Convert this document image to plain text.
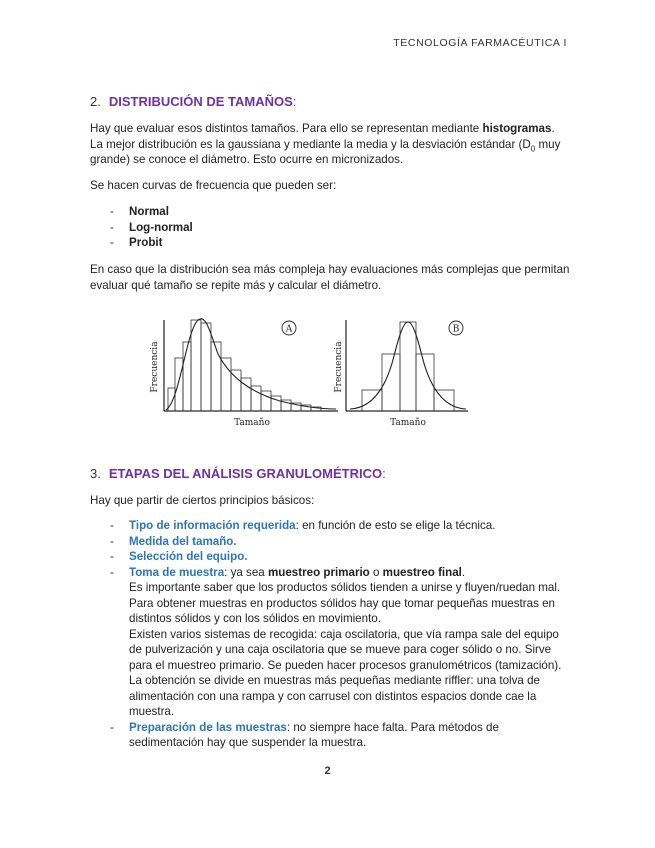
TECNOLOGÍA FARMACÉUTICA I
2. DISTRIBUCIÓN DE TAMAÑOS:
Hay que evaluar esos distintos tamaños. Para ello se representan mediante histogramas. La mejor distribución es la gaussiana y mediante la media y la desviación estándar ($D_0$ muy grande) se conoce el diámetro. Esto ocurre en micronizados.
Se hacen curvas de frecuencia que pueden ser:
- Normal
- Log-normal
- Probit
En caso que la distribución sea más compleja hay evaluaciones más complejas que permitan evaluar qué tamaño se repite más y calcular el diámetro.
A
Frecuencia
Tamaño
B
Frecuencia
Tamaño
3. ETAPAS DEL ANÁLISIS GRANULOMÉTRICO:
Hay que partir de ciertos principios básicos:
- Tipo de información requerida: en función de esto se elige la técnica.
- Medida del tamaño.
- Selección del equipo.
- Toma de muestra: ya sea muestreo primario o muestreo final.
Es importante saber que los productos sólidos tienden a unirse y fluyen/ruedan mal. Para obtener muestras en productos sólidos hay que tomar pequeñas muestras en distintos sólidos y con los sólidos en movimiento.
Existen varios sistemas de recogida: caja oscilatoria, que vía rampa sale del equipo de pulverización y una caja oscilatoria que se mueve para coger sólido o no. Sirve para el muestreo primario. Se pueden hacer procesos granulométricos (tamización). La obtención se divide en muestras más pequeñas mediante riffler: una tolva de alimentación con una rampa y con carrusel con distintos espacios donde cae la muestra.
- Preparación de las muestras: no siempre hace falta. Para métodos de sedimentación hay que suspender la muestra.
2
